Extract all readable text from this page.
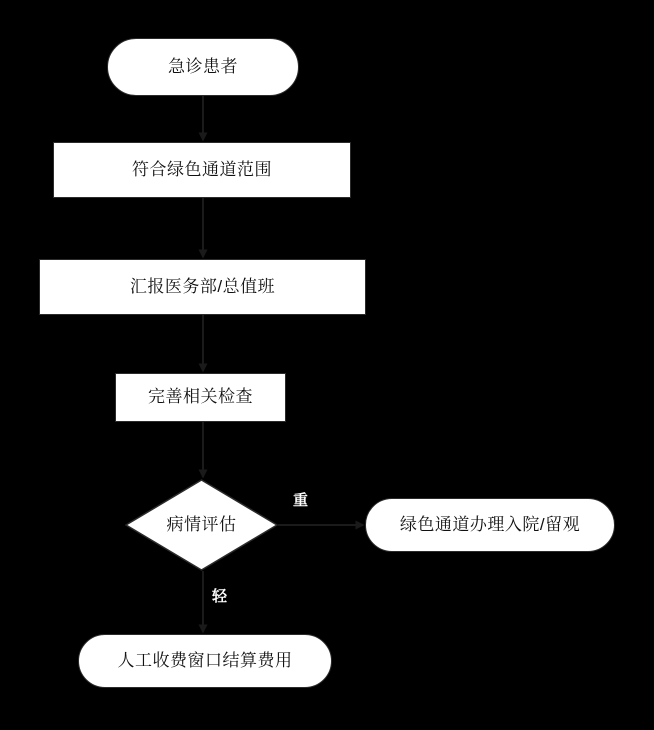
急诊患者
符合绿色通道范围
汇报医务部/总值班
完善相关检查
病情评估	绿色通道办理入院/留观
人工收费窗口结算费用
重
轻
